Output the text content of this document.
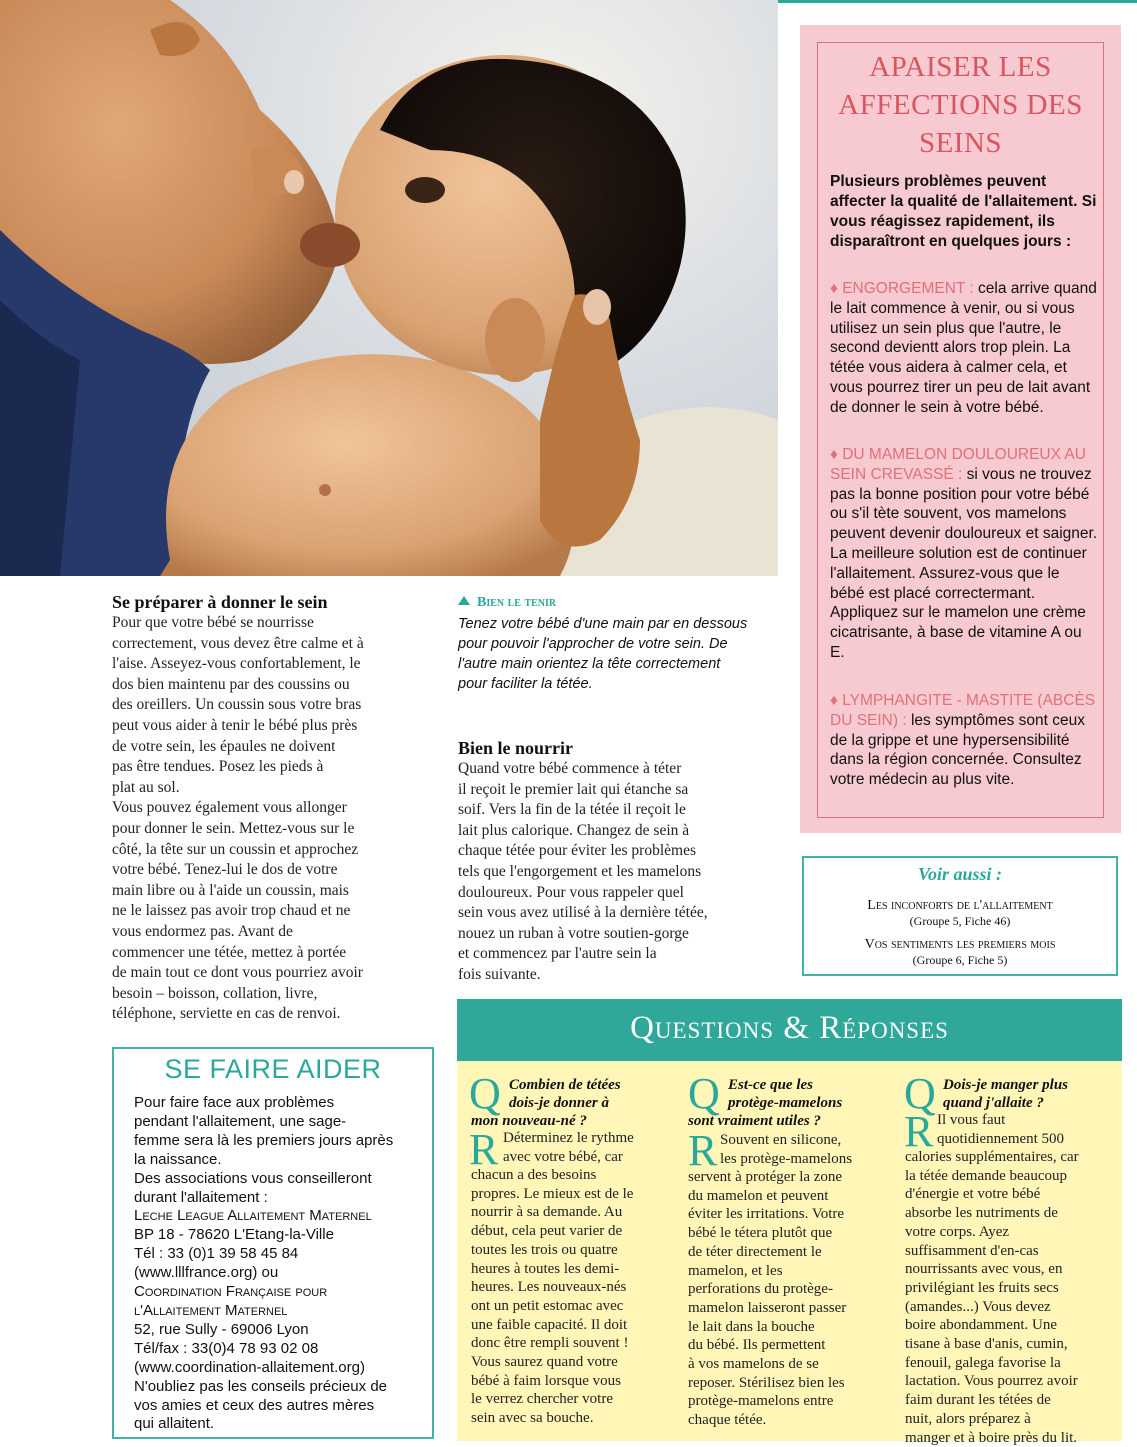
APAISER LES
AFFECTIONS DES
SEINS
Plusieurs problèmes peuvent affecter la qualité de l'allaitement. Si vous réagissez rapidement, ils disparaîtront en quelques jours :
♦ ENGORGEMENT : cela arrive quand le lait commence à venir, ou si vous utilisez un sein plus que l'autre, le second devientt alors trop plein. La tétée vous aidera à calmer cela, et vous pourrez tirer un peu de lait avant de donner le sein à votre bébé.
♦ DU MAMELON DOULOUREUX AU SEIN CREVASSÉ : si vous ne trouvez pas la bonne position pour votre bébé ou s'il tète souvent, vos mamelons peuvent devenir douloureux et saigner. La meilleure solution est de continuer l'allaitement. Assurez-vous que le bébé est placé correctermant. Appliquez sur le mamelon une crème cicatrisante, à base de vitamine A ou E.
♦ LYMPHANGITE - MASTITE (ABCÈS DU SEIN) : les symptômes sont ceux de la grippe et une hypersensibilité dans la région concernée. Consultez votre médecin au plus vite.
Voir aussi :
Les inconforts de l'allaitement
(Groupe 5, Fiche 46)
Vos sentiments les premiers mois
(Groupe 6, Fiche 5)
Se préparer à donner le sein
Pour que votre bébé se nourrisse
correctement, vous devez être calme et à
l'aise. Asseyez-vous confortablement, le
dos bien maintenu par des coussins ou
des oreillers. Un coussin sous votre bras
peut vous aider à tenir le bébé plus près
de votre sein, les épaules ne doivent
pas être tendues. Posez les pieds à
plat au sol.
Vous pouvez également vous allonger
pour donner le sein. Mettez-vous sur le
côté, la tête sur un coussin et approchez
votre bébé. Tenez-lui le dos de votre
main libre ou à l'aide un coussin, mais
ne le laissez pas avoir trop chaud et ne
vous endormez pas. Avant de
commencer une tétée, mettez à portée
de main tout ce dont vous pourriez avoir
besoin – boisson, collation, livre,
téléphone, serviette en cas de renvoi.
Bien le tenir
Tenez votre bébé d'une main par en dessous
pour pouvoir l'approcher de votre sein. De
l'autre main orientez la tête correctement
pour faciliter la tétée.
Bien le nourrir
Quand votre bébé commence à téter
il reçoit le premier lait qui étanche sa
soif. Vers la fin de la tétée il reçoit le
lait plus calorique. Changez de sein à
chaque tétée pour éviter les problèmes
tels que l'engorgement et les mamelons
douloureux. Pour vous rappeler quel
sein vous avez utilisé à la dernière tétée,
nouez un ruban à votre soutien-gorge
et commencez par l'autre sein la
fois suivante.
SE FAIRE AIDER
Pour faire face aux problèmes
pendant l'allaitement, une sage-
femme sera là les premiers jours après
la naissance.
Des associations vous conseilleront
durant l'allaitement :
Leche League Allaitement Maternel
BP 18 - 78620 L'Etang-la-Ville
Tél : 33 (0)1 39 58 45 84
(www.lllfrance.org) ou
Coordination Française pour
l'Allaitement Maternel
52, rue Sully - 69006 Lyon
Tél/fax : 33(0)4 78 93 02 08
(www.coordination-allaitement.org)
N'oubliez pas les conseils précieux de
vos amies et ceux des autres mères
qui allaitent.
Questions & Réponses
Q Combien de tétées
dois-je donner à
mon nouveau-né ?
R Déterminez le rythme
avec votre bébé, car
chacun a des besoins
propres. Le mieux est de le
nourrir à sa demande. Au
début, cela peut varier de
toutes les trois ou quatre
heures à toutes les demi-
heures. Les nouveaux-nés
ont un petit estomac avec
une faible capacité. Il doit
donc être rempli souvent !
Vous saurez quand votre
bébé à faim lorsque vous
le verrez chercher votre
sein avec sa bouche.
Q Est-ce que les
protège-mamelons
sont vraiment utiles ?
R Souvent en silicone,
les protège-mamelons
servent à protéger la zone
du mamelon et peuvent
éviter les irritations. Votre
bébé le tétera plutôt que
de téter directement le
mamelon, et les
perforations du protège-
mamelon laisseront passer
le lait dans la bouche
du bébé. Ils permettent
à vos mamelons de se
reposer. Stérilisez bien les
protège-mamelons entre
chaque tétée.
Q Dois-je manger plus
quand j'allaite ?
R Il vous faut
quotidiennement 500
calories supplémentaires, car
la tétée demande beaucoup
d'énergie et votre bébé
absorbe les nutriments de
votre corps. Ayez
suffisamment d'en-cas
nourrissants avec vous, en
privilégiant les fruits secs
(amandes...) Vous devez
boire abondamment. Une
tisane à base d'anis, cumin,
fenouil, galega favorise la
lactation. Vous pourrez avoir
faim durant les tétées de
nuit, alors préparez à
manger et à boire près du lit.
